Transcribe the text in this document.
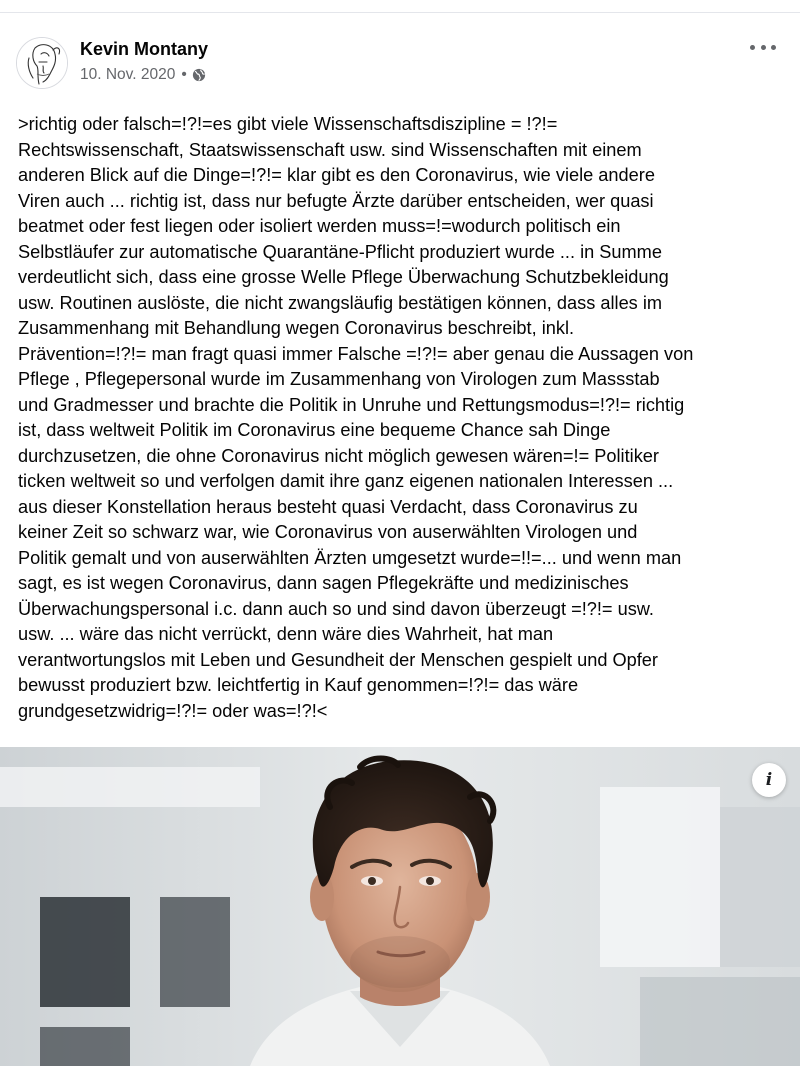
Kevin Montany
10. Nov. 2020 •

>richtig oder falsch=!?!=es gibt viele Wissenschaftsdiszipline = !?!=
Rechtswissenschaft, Staatswissenschaft usw. sind Wissenschaften mit einem
anderen Blick auf die Dinge=!?!= klar gibt es den Coronavirus, wie viele andere
Viren auch ... richtig ist, dass nur befugte Ärzte darüber entscheiden, wer quasi
beatmet oder fest liegen oder isoliert werden muss=!=wodurch politisch ein
Selbstläufer zur automatische Quarantäne-Pflicht produziert wurde ... in Summe
verdeutlicht sich, dass eine grosse Welle Pflege Überwachung Schutzbekleidung
usw. Routinen auslöste, die nicht zwangsläufig bestätigen können, dass alles im
Zusammenhang mit Behandlung wegen Coronavirus beschreibt, inkl.
Prävention=!?!= man fragt quasi immer Falsche =!?!= aber genau die Aussagen von
Pflege , Pflegepersonal wurde im Zusammenhang von Virologen zum Massstab
und Gradmesser und brachte die Politik in Unruhe und Rettungsmodus=!?!= richtig
ist, dass weltweit Politik im Coronavirus eine bequeme Chance sah Dinge
durchzusetzen, die ohne Coronavirus nicht möglich gewesen wären=!= Politiker
ticken weltweit so und verfolgen damit ihre ganz eigenen nationalen Interessen ...
aus dieser Konstellation heraus besteht quasi Verdacht, dass Coronavirus zu
keiner Zeit so schwarz war, wie Coronavirus von auserwählten Virologen und
Politik gemalt und von auserwählten Ärzten umgesetzt wurde=!!=... und wenn man
sagt, es ist wegen Coronavirus, dann sagen Pflegekräfte und medizinisches
Überwachungspersonal i.c. dann auch so und sind davon überzeugt =!?!= usw.
usw. ... wäre das nicht verrückt, denn wäre dies Wahrheit, hat man
verantwortungslos mit Leben und Gesundheit der Menschen gespielt und Opfer
bewusst produziert bzw. leichtfertig in Kauf genommen=!?!= das wäre
grundgesetzwidrig=!?!= oder was=!?!<

i
